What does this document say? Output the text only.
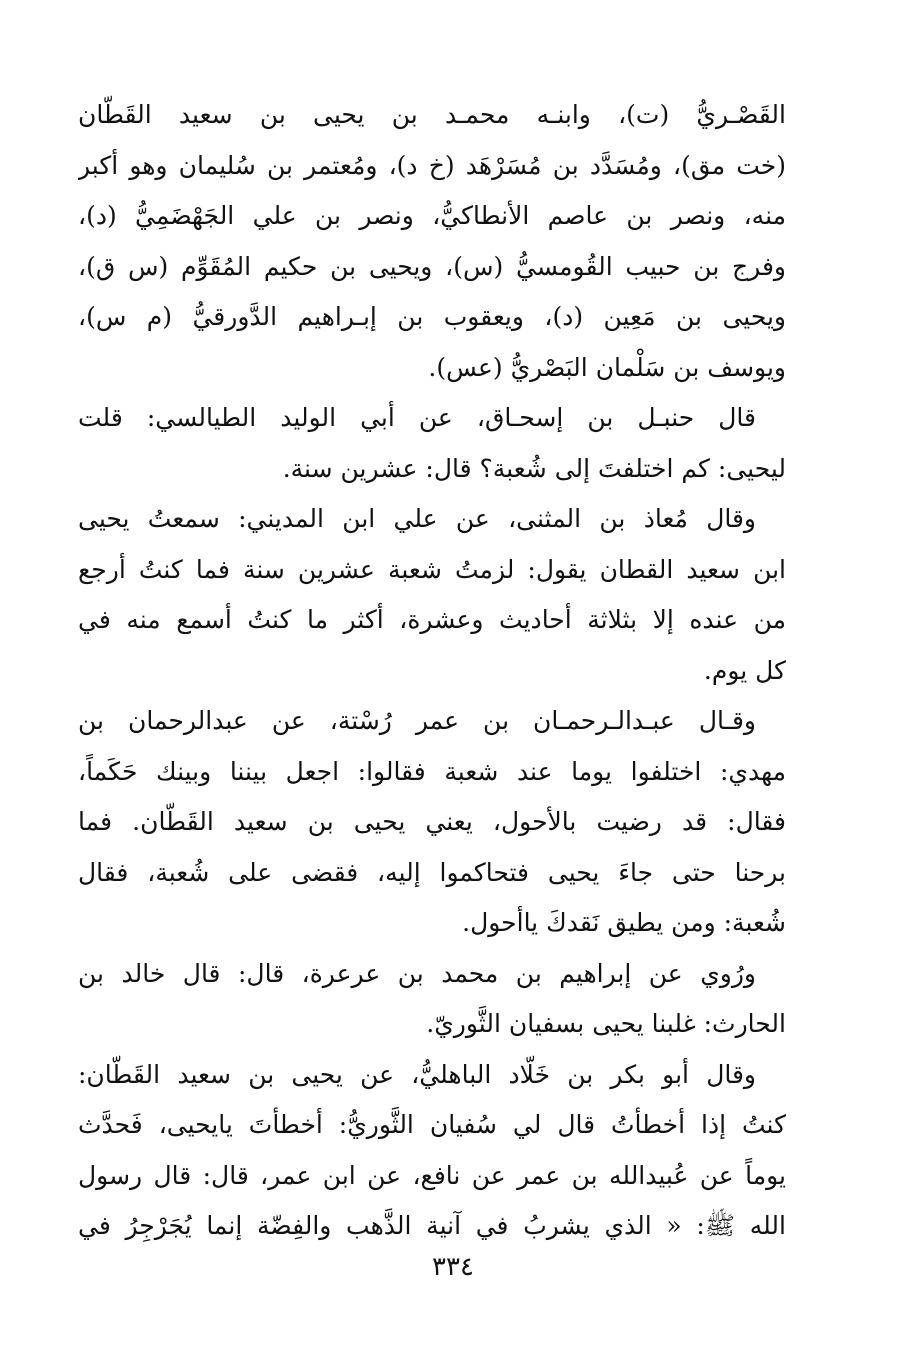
القَصْـريُّ (ت)، وابنـه محمـد بن يحيى بن سعيد القَطّان
(خت مق)، ومُسَدَّد بن مُسَرْهَد (خ د)، ومُعتمر بن سُليمان وهو أكبر
منه، ونصر بن عاصم الأنطاكيُّ، ونصر بن علي الجَهْضَمِيُّ (د)،
وفرج بن حبيب القُومسيُّ (س)، ويحيى بن حكيم المُقَوِّم (س ق)،
ويحيى بن مَعِين (د)، ويعقوب بن إبـراهيم الدَّورقيُّ (م س)،
ويوسف بن سَلْمان البَصْريُّ (عس).
قال حنبـل بن إسحـاق، عن أبي الوليد الطيالسي: قلت
ليحيى: كم اختلفتَ إلى شُعبة؟ قال: عشرين سنة.
وقال مُعاذ بن المثنى، عن علي ابن المديني: سمعتُ يحيى
ابن سعيد القطان يقول: لزمتُ شعبة عشرين سنة فما كنتُ أرجع
من عنده إلا بثلاثة أحاديث وعشرة، أكثر ما كنتُ أسمع منه في
كل يوم.
وقـال عبـدالـرحمـان بن عمر رُسْتة، عن عبدالرحمان بن
مهدي: اختلفوا يوما عند شعبة فقالوا: اجعل بيننا وبينك حَكَماً،
فقال: قد رضيت بالأحول، يعني يحيى بن سعيد القَطّان. فما
برحنا حتى جاءَ يحيى فتحاكموا إليه، فقضى على شُعبة، فقال
شُعبة: ومن يطيق نَقدكَ ياأحول.
ورُوي عن إبراهيم بن محمد بن عرعرة، قال: قال خالد بن
الحارث: غلبنا يحيى بسفيان الثَّوريّ.
وقال أبو بكر بن خَلّاد الباهليُّ، عن يحيى بن سعيد القَطّان:
كنتُ إذا أخطأتُ قال لي سُفيان الثَّوريُّ: أخطأتَ يايحيى، فَحدَّث
يوماً عن عُبيدالله بن عمر عن نافع، عن ابن عمر، قال: قال رسول
الله ﷺ: « الذي يشربُ في آنية الذَّهب والفِضّة إنما يُجَرْجِرُ في
٣٣٤
